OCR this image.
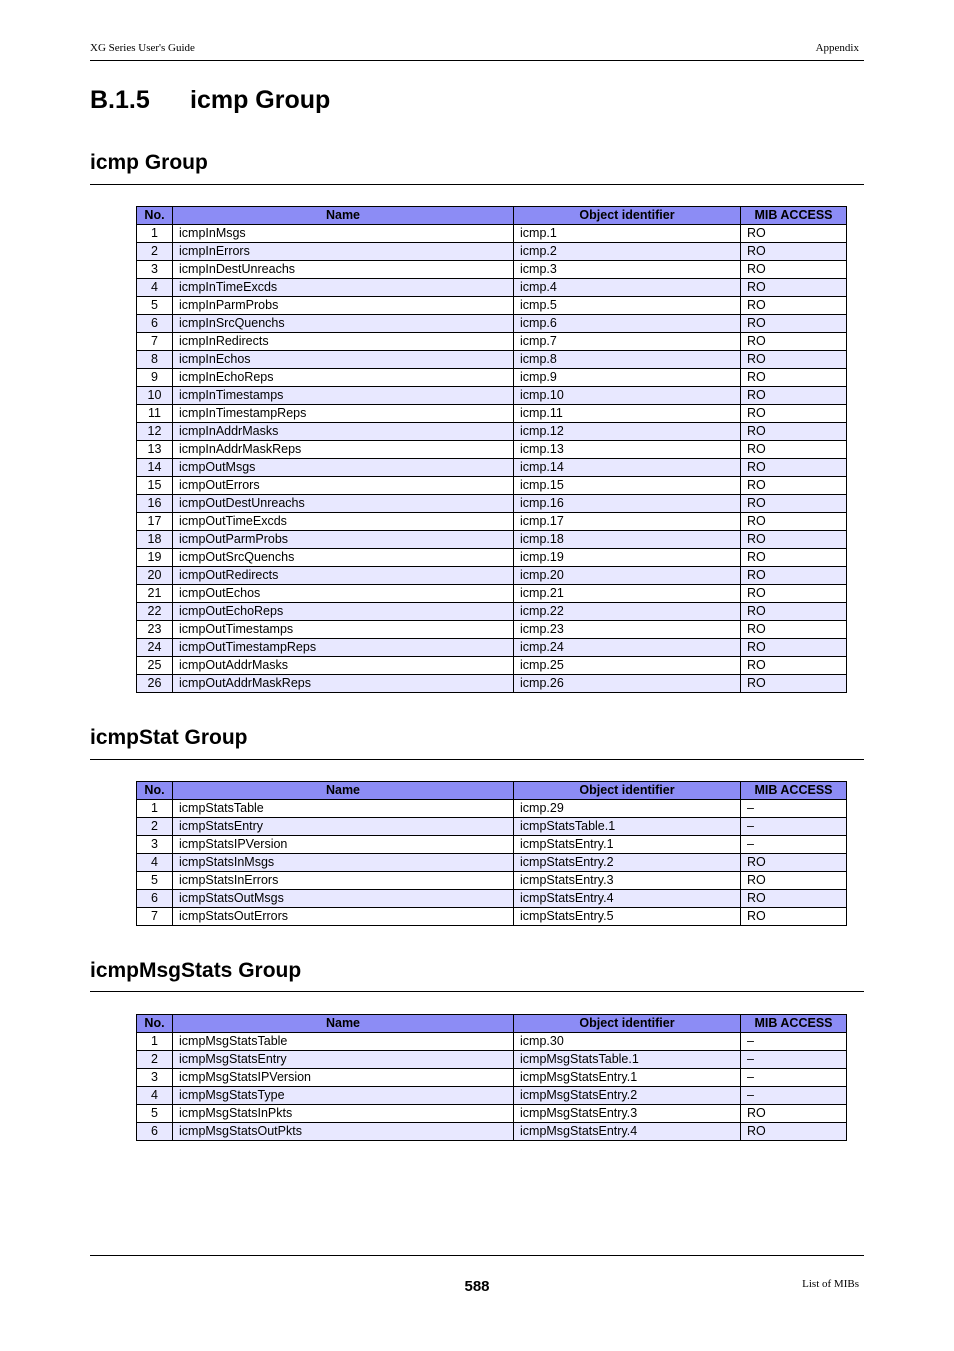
XG Series User's Guide	Appendix
B.1.5 icmp Group
icmp Group
No.	Name	Object identifier	MIB ACCESS
1	icmpInMsgs	icmp.1	RO
2	icmpInErrors	icmp.2	RO
3	icmpInDestUnreachs	icmp.3	RO
4	icmpInTimeExcds	icmp.4	RO
5	icmpInParmProbs	icmp.5	RO
6	icmpInSrcQuenchs	icmp.6	RO
7	icmpInRedirects	icmp.7	RO
8	icmpInEchos	icmp.8	RO
9	icmpInEchoReps	icmp.9	RO
10	icmpInTimestamps	icmp.10	RO
11	icmpInTimestampReps	icmp.11	RO
12	icmpInAddrMasks	icmp.12	RO
13	icmpInAddrMaskReps	icmp.13	RO
14	icmpOutMsgs	icmp.14	RO
15	icmpOutErrors	icmp.15	RO
16	icmpOutDestUnreachs	icmp.16	RO
17	icmpOutTimeExcds	icmp.17	RO
18	icmpOutParmProbs	icmp.18	RO
19	icmpOutSrcQuenchs	icmp.19	RO
20	icmpOutRedirects	icmp.20	RO
21	icmpOutEchos	icmp.21	RO
22	icmpOutEchoReps	icmp.22	RO
23	icmpOutTimestamps	icmp.23	RO
24	icmpOutTimestampReps	icmp.24	RO
25	icmpOutAddrMasks	icmp.25	RO
26	icmpOutAddrMaskReps	icmp.26	RO
icmpStat Group
No.	Name	Object identifier	MIB ACCESS
1	icmpStatsTable	icmp.29	–
2	icmpStatsEntry	icmpStatsTable.1	–
3	icmpStatsIPVersion	icmpStatsEntry.1	–
4	icmpStatsInMsgs	icmpStatsEntry.2	RO
5	icmpStatsInErrors	icmpStatsEntry.3	RO
6	icmpStatsOutMsgs	icmpStatsEntry.4	RO
7	icmpStatsOutErrors	icmpStatsEntry.5	RO
icmpMsgStats Group
No.	Name	Object identifier	MIB ACCESS
1	icmpMsgStatsTable	icmp.30	–
2	icmpMsgStatsEntry	icmpMsgStatsTable.1	–
3	icmpMsgStatsIPVersion	icmpMsgStatsEntry.1	–
4	icmpMsgStatsType	icmpMsgStatsEntry.2	–
5	icmpMsgStatsInPkts	icmpMsgStatsEntry.3	RO
6	icmpMsgStatsOutPkts	icmpMsgStatsEntry.4	RO
588	List of MIBs
